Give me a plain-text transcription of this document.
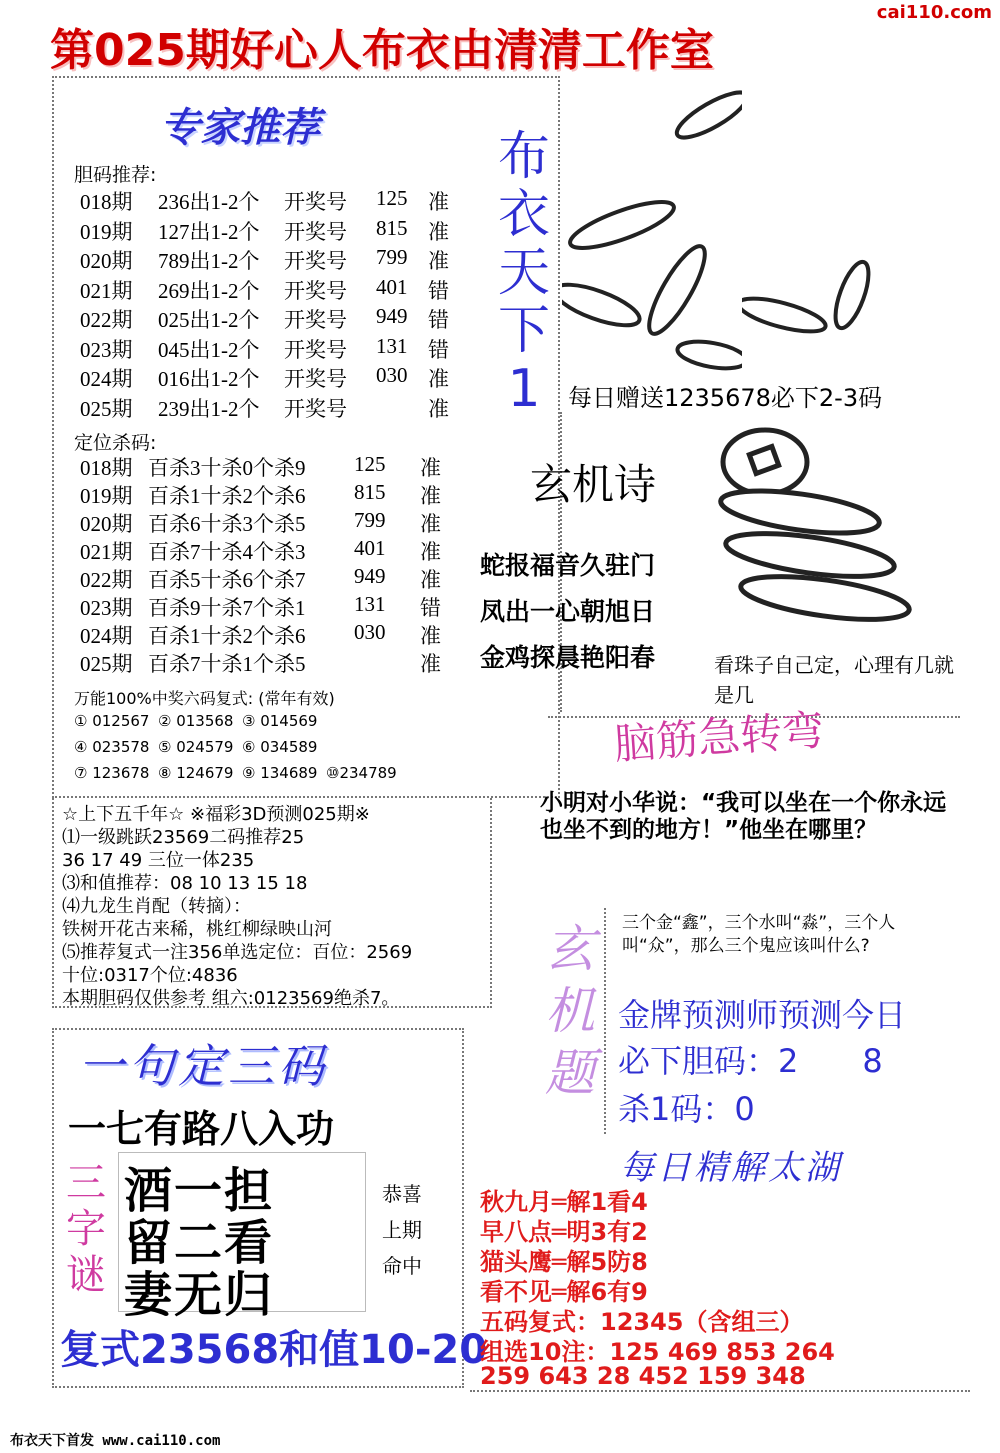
第025期好心人布衣由清清工作室
cai110.com
专家推荐
胆码推荐:
018期 236出1-2个 开奖号 125 准
019期 127出1-2个 开奖号 815 准
020期 789出1-2个 开奖号 799 准
021期 269出1-2个 开奖号 401 错
022期 025出1-2个 开奖号 949 错
023期 045出1-2个 开奖号 131 错
024期 016出1-2个 开奖号 030 准
025期 239出1-2个 开奖号	准
定位杀码:
018期 百杀3十杀0个杀9 125 准
019期 百杀1十杀2个杀6 815 准
020期 百杀6十杀3个杀5 799 准
021期 百杀7十杀4个杀3 401 准
022期 百杀5十杀6个杀7 949 准
023期 百杀9十杀7个杀1 131 错
024期 百杀1十杀2个杀6 030 准
025期 百杀7十杀1个杀5	准
万能100%中奖六码复式: (常年有效)
① 012567 ② 013568 ③ 014569
④ 023578 ⑤ 024579 ⑥ 034589
⑦ 123678 ⑧ 124679 ⑨ 134689 ⑩234789
布
衣
天
下
1	每日赠送1235678必下2-3码
玄机诗
蛇报福音久驻门
凤出一心朝旭日
金鸡探晨艳阳春	看珠子自己定，心理有几就是几
脑筋急转弯
小明对小华说：“我可以坐在一个你永远也坐不到的地方！”他坐在哪里？
☆上下五千年☆ ※福彩3D预测025期※
⑴一级跳跃23569二码推荐25
36 17 49 三位一体235
⑶和值推荐：08 10 13 15 18
⑷九龙生肖配（转摘）：
铁树开花古来稀，桃红柳绿映山河
⑸推荐复式一注356单选定位：百位：2569
十位:0317个位:4836
本期胆码仅供参考 组六:0123569绝杀7。
一句定三码
一七有路八入功
三
字
谜
酒一担
留二看
妻无归
恭喜
上期
命中
复式23568和值10-20
玄
机
题
三个金“鑫”，三个水叫“淼”，三个人叫“众”，那么三个鬼应该叫什么?
金牌预测师预测今日
必下胆码：2　　8
杀1码：0
每日精解太湖
秋九月═解1看4
早八点═明3有2
猫头鹰═解5防8
看不见═解6有9
五码复式：12345（含组三）
组选10注：125 469 853 264
259 643 28 452 159 348
布衣天下首发 www.cai110.com
